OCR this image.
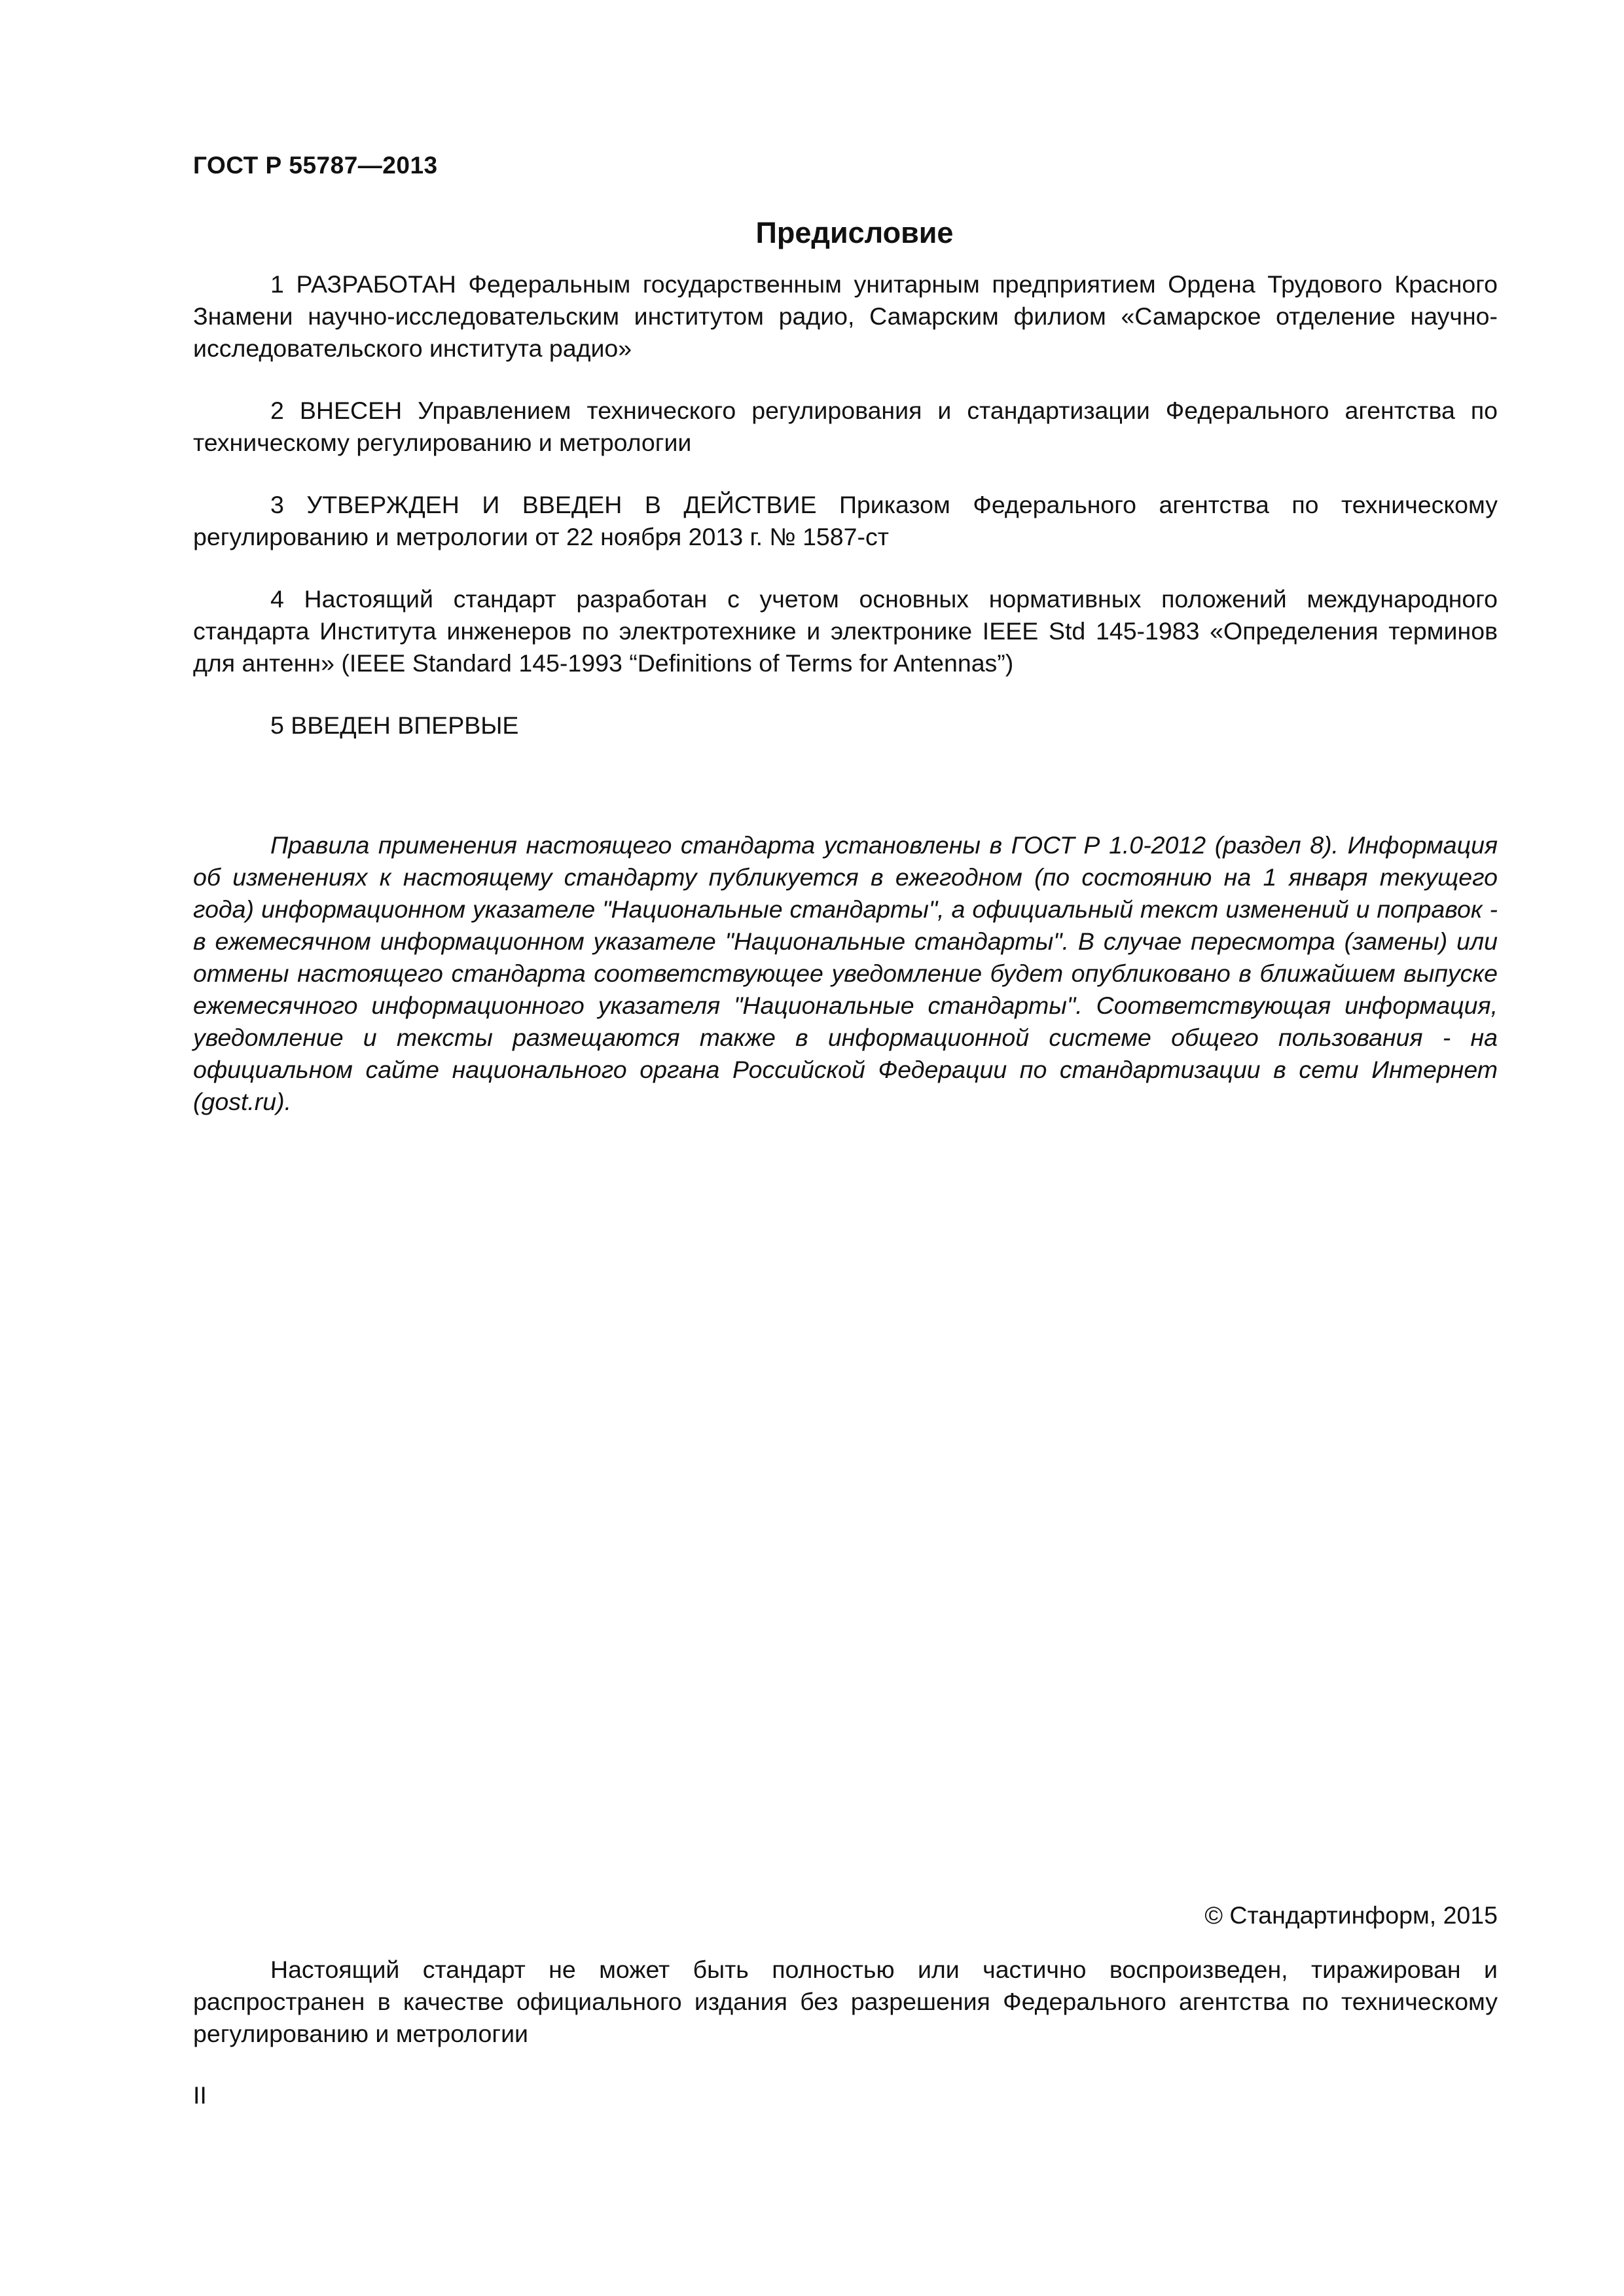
ГОСТ Р 55787—2013
Предисловие

1 РАЗРАБОТАН Федеральным государственным унитарным предприятием Ордена Трудового Красного Знамени научно-исследовательским институтом радио, Самарским филиом «Самарское отделение научно-исследовательского института радио»

2 ВНЕСЕН Управлением технического регулирования и стандартизации Федерального агентства по техническому регулированию и метрологии

3 УТВЕРЖДЕН И ВВЕДЕН В ДЕЙСТВИЕ Приказом Федерального агентства по техническому регулированию и метрологии от 22 ноября 2013 г. № 1587-ст

4 Настоящий стандарт разработан с учетом основных нормативных положений международного стандарта Института инженеров по электротехнике и электронике IEEE Std 145-1983 «Определения терминов для антенн» (IEEE Standard 145-1993 “Definitions of Terms for Antennas”)

5 ВВЕДЕН ВПЕРВЫЕ

Правила применения настоящего стандарта установлены в ГОСТ Р 1.0-2012 (раздел 8). Информация об изменениях к настоящему стандарту публикуется в ежегодном (по состоянию на 1 января текущего года) информационном указателе "Национальные стандарты", а официальный текст изменений и поправок - в ежемесячном информационном указателе "Национальные стандарты". В случае пересмотра (замены) или отмены настоящего стандарта соответствующее уведомление будет опубликовано в ближайшем выпуске ежемесячного информационного указателя "Национальные стандарты". Соответствующая информация, уведомление и тексты размещаются также в информационной системе общего пользования - на официальном сайте национального органа Российской Федерации по стандартизации в сети Интернет (gost.ru).

© Стандартинформ, 2015

Настоящий стандарт не может быть полностью или частично воспроизведен, тиражирован и распространен в качестве официального издания без разрешения Федерального агентства по техническому регулированию и метрологии

II
